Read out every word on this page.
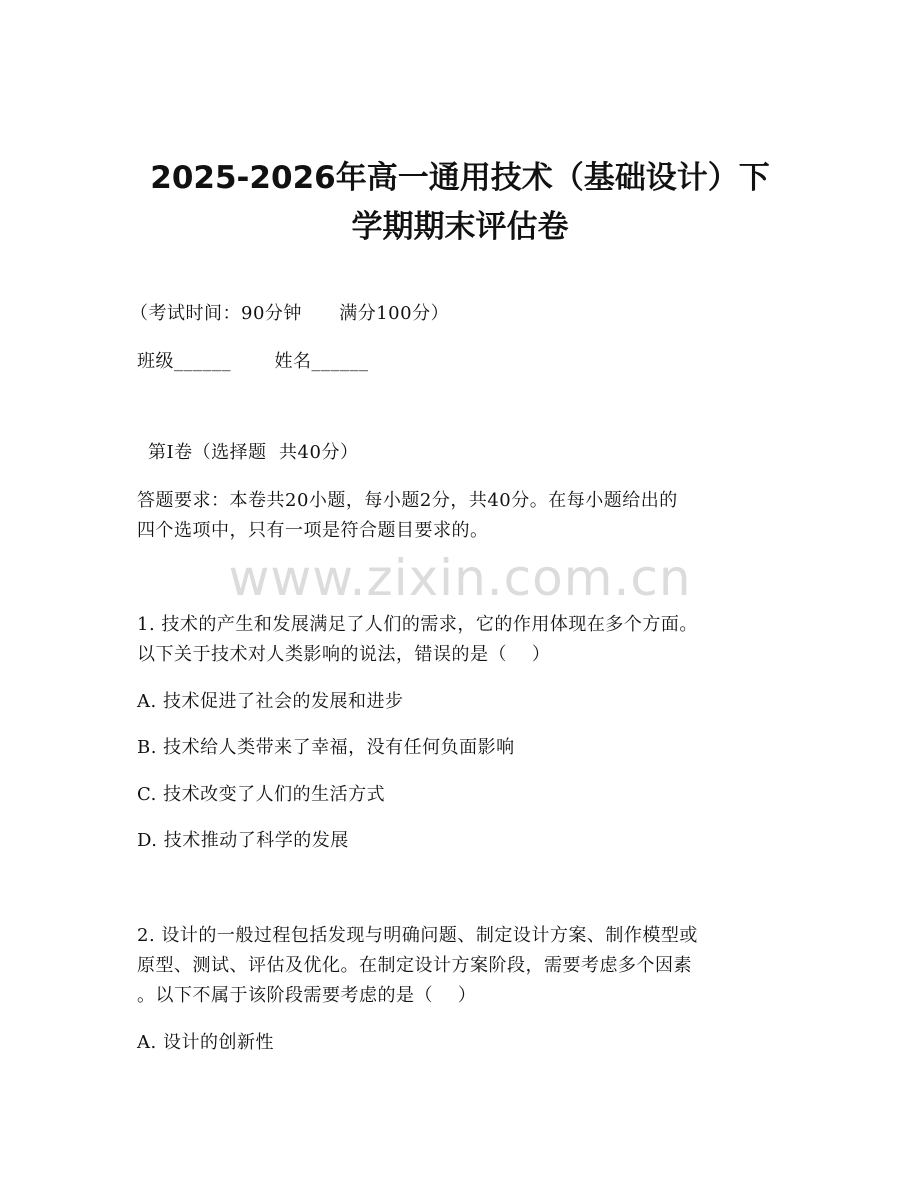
2025-2026年高一通用技术（基础设计）下
学期期末评估卷
（考试时间：90分钟      满分100分）
班级______       姓名______
第Ⅰ卷（选择题  共40分）
答题要求：本卷共20小题，每小题2分，共40分。在每小题给出的
四个选项中，只有一项是符合题目要求的。
www.zixin.com.cn
1. 技术的产生和发展满足了人们的需求，它的作用体现在多个方面。
以下关于技术对人类影响的说法，错误的是（    ）
A. 技术促进了社会的发展和进步
B. 技术给人类带来了幸福，没有任何负面影响
C. 技术改变了人们的生活方式
D. 技术推动了科学的发展
2. 设计的一般过程包括发现与明确问题、制定设计方案、制作模型或
原型、测试、评估及优化。在制定设计方案阶段，需要考虑多个因素
。以下不属于该阶段需要考虑的是（    ）
A. 设计的创新性
